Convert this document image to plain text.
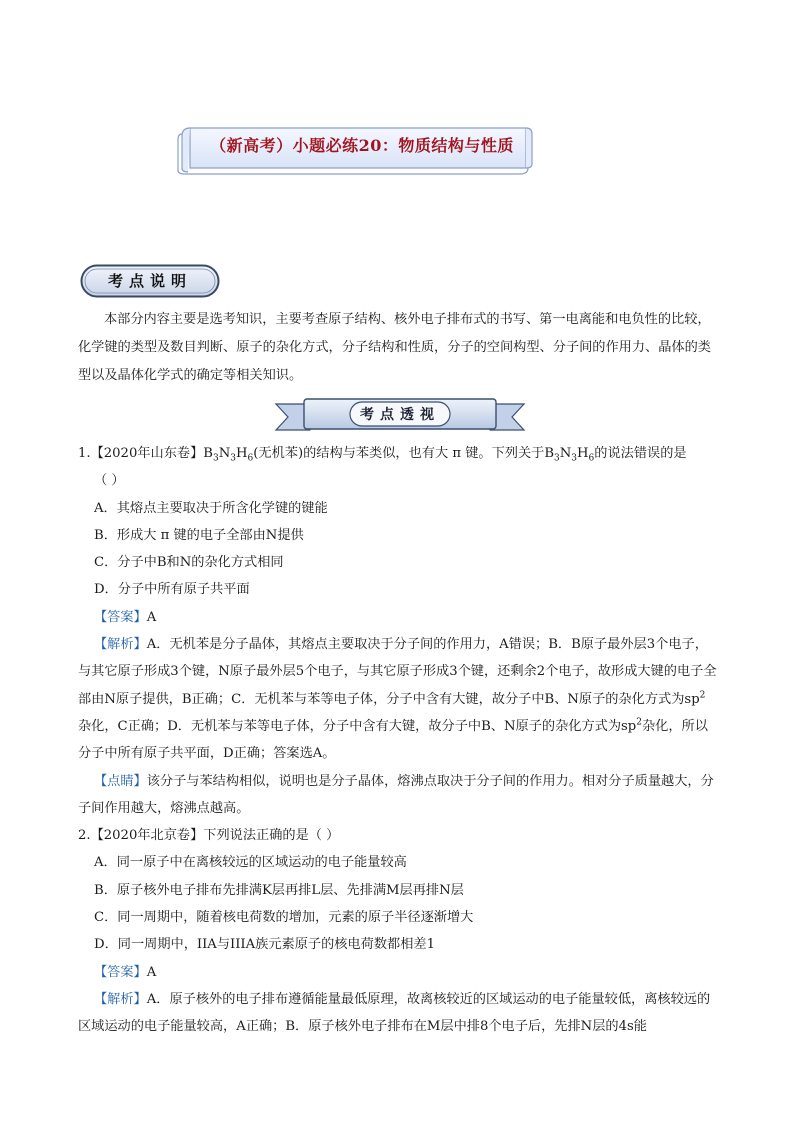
（新高考）小题必练20：物质结构与性质
考点说明

本部分内容主要是选考知识，主要考查原子结构、核外电子排布式的书写、第一电离能和电负性的比较，化学键的类型及数目判断、原子的杂化方式，分子结构和性质，分子的空间构型、分子间的作用力、晶体的类型以及晶体化学式的确定等相关知识。

考点透视

1.【2020年山东卷】$B_3N_3H_6$(无机苯)的结构与苯类似，也有大 π 键。下列关于$B_3N_3H_6$的说法错误的是

（ ）

A．其熔点主要取决于所含化学键的键能

B．形成大 π 键的电子全部由N提供

C．分子中B和N的杂化方式相同

D．分子中所有原子共平面

【答案】A

【解析】A．无机苯是分子晶体，其熔点主要取决于分子间的作用力，A错误；B．B原子最外层3个电子，与其它原子形成3个键，N原子最外层5个电子，与其它原子形成3个键，还剩余2个电子，故形成大键的电子全部由N原子提供，B正确；C．无机苯与苯等电子体，分子中含有大键，故分子中B、N原子的杂化方式为$sp^2$杂化，C正确；D．无机苯与苯等电子体，分子中含有大键，故分子中B、N原子的杂化方式为$sp^2$杂化，所以分子中所有原子共平面，D正确；答案选A。

【点睛】该分子与苯结构相似，说明也是分子晶体，熔沸点取决于分子间的作用力。相对分子质量越大，分子间作用越大，熔沸点越高。

2.【2020年北京卷】下列说法正确的是（ ）

A．同一原子中在离核较远的区域运动的电子能量较高

B．原子核外电子排布先排满K层再排L层、先排满M层再排N层

C．同一周期中，随着核电荷数的增加，元素的原子半径逐渐增大

D．同一周期中，IIA与IIIA族元素原子的核电荷数都相差1

【答案】A

【解析】A．原子核外的电子排布遵循能量最低原理，故离核较近的区域运动的电子能量较低，离核较远的区域运动的电子能量较高，A正确；B．原子核外电子排布在M层中排8个电子后，先排N层的4s能
